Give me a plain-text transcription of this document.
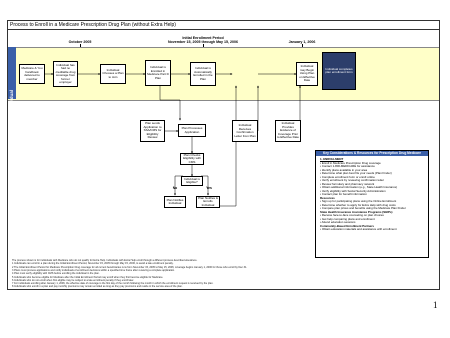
Process to Enroll in a Medicare Prescription Drug Plan (without Extra Help)
October 2005
Initial Enrollment Period
November 15, 2005 through May 15, 2006	January 1, 2006
Individual
Medicare & You handbook delivered to member
Individual has had no creditable drug coverage from former employer
Individual Chooses a Plan to Join
Individual is Enrolled in Medicare Part D Plan
Individual is Automatically Enrolled in the Plan
Individual may Begin Using Plan on Effective Date
Individual completes plan enrollment form
Plan sends Application to SSA/CMS for Eligibility Review
Plan Processes Application
Individual Receives Confirmation Letter from Plan
Individual Provides Evidence of Coverage Prior to Effective Date
Plan Checks Eligibility with CMS
Individual is Eligible?
No	Yes
Plan Notifies Individual
Plan Notifies & Enrolls Individual
Key Considerations & Resources for Prescription Drug Medicare
1. ENROLLMENT
• Enroll in Medicare Prescription Drug coverage
• Contact 1-800-MEDICARE for assistance
• Identify plans available in your area
• Determine what plan best fits your needs (Plan Finder)
• Complete enrollment form or enroll online
• Verify enrollment by reviewing confirmation letter
• Review formulary and pharmacy network
• Obtain additional information (e.g., State Health Insurance)
• Verify eligibility with Social Security Administration
• Contact plan for benefit information
Resources
• Sign up for participating plans using the Online Enrollment
• Determine whether to apply for Extra Help with drug costs
• Compare plan prices and benefits using the Medicare Plan Finder
State Health Insurance Assistance Programs (SHIPs)
• Receive face-to-face counseling on plan choices
• Get help comparing plans and enrollment
• Attend education sessions
Community-Based Enrollment Partners
• Obtain education materials and assistance with enrollment
The process shown is for individuals with Medicare who do not qualify for Extra Help. Individuals with Extra Help enroll through a different process described elsewhere.
1 Individuals can enroll in a plan during the Initial Enrollment Period, November 15, 2005 through May 15, 2006, to avoid a late enrollment penalty.
2 The Initial Enrollment Period for Medicare Prescription Drug coverage for all current beneficiaries runs from November 15, 2005 to May 15, 2006; coverage begins January 1, 2006 for those who enroll by Dec 31.
3 Plans must process applications and notify individuals of enrollment decisions within a specified time frame after receiving a complete application.
4 Plan must verify eligibility with CMS before enrolling the individual in the plan.
5 Individuals who become eligible for Medicare after the Initial Enrollment Period may enroll when they first become eligible for Medicare.
6 Individuals who do not enroll when first eligible may be subject to a late enrollment penalty if they enroll later.
7 For individuals enrolling after January 1, 2006, the effective date of coverage is the first day of the month following the month in which the enrollment request is received by the plan.
8 Individuals who enroll in a plan and pay monthly premiums may remain enrolled as long as they pay premiums and reside in the service area of the plan.
1
